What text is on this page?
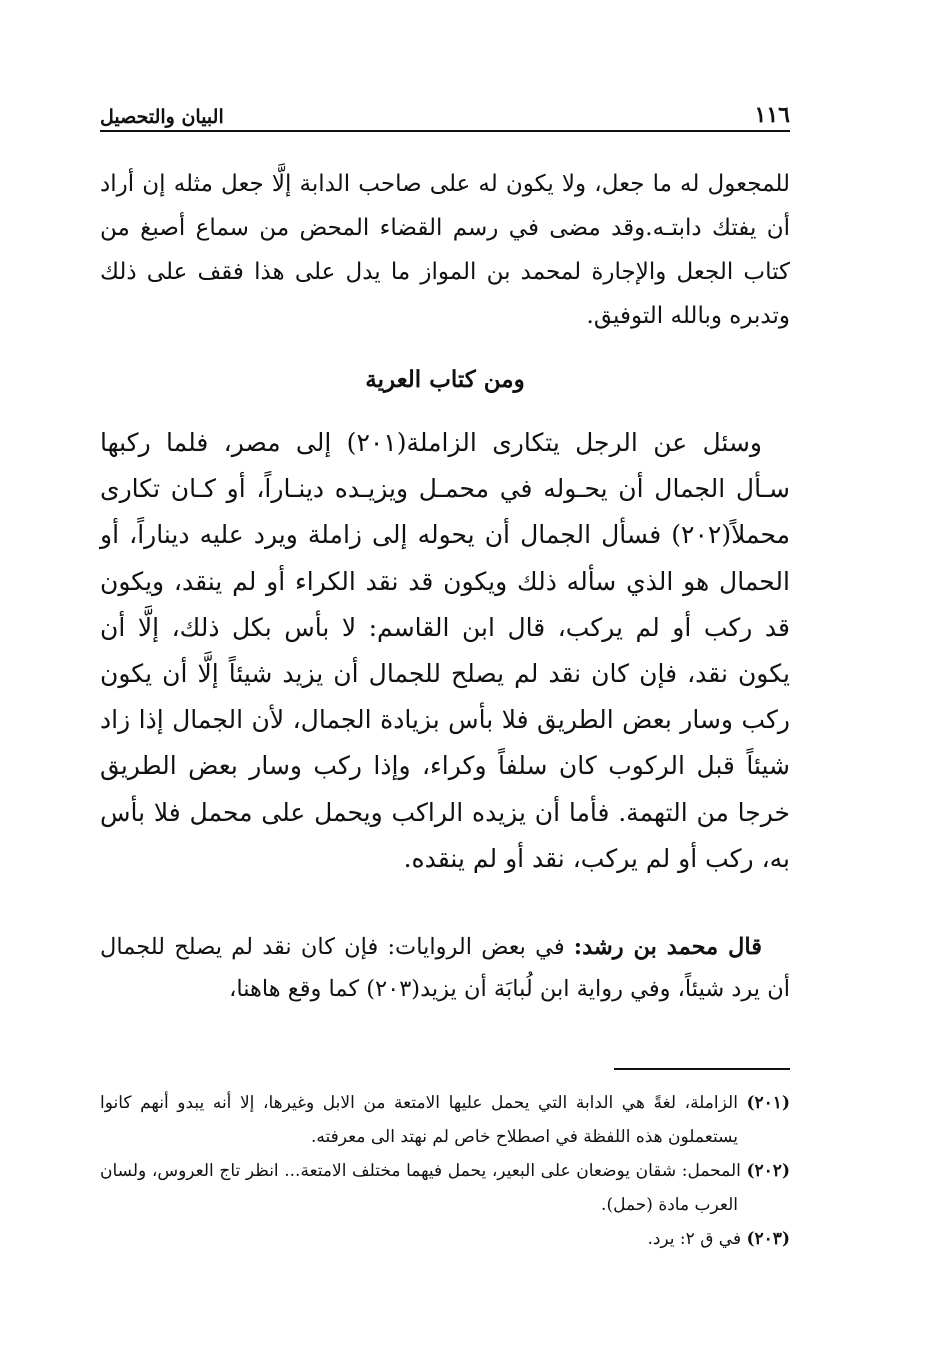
١١٦
البيان والتحصيل

للمجعول له ما جعل، ولا يكون له على صاحب الدابة إلَّا جعل مثله إن أراد أن يفتك دابتـه.وقد مضى في رسم القضاء المحض من سماع أصبغ من كتاب الجعل والإجارة لمحمد بن المواز ما يدل على هذا فقف على ذلك وتدبره وبالله التوفيق.

ومن كتاب العرية

وسئل عن الرجل يتكارى الزاملة(٢٠١) إلى مصر، فلما ركبها سـأل الجمال أن يحـوله في محمـل ويزيـده دينـاراً، أو كـان تكارى محملاً(٢٠٢) فسأل الجمال أن يحوله إلى زاملة ويرد عليه ديناراً، أو الحمال هو الذي سأله ذلك ويكون قد نقد الكراء أو لم ينقد، ويكون قد ركب أو لم يركب، قال ابن القاسم: لا بأس بكل ذلك، إلَّا أن يكون نقد، فإن كان نقد لم يصلح للجمال أن يزيد شيئاً إلَّا أن يكون ركب وسار بعض الطريق فلا بأس بزيادة الجمال، لأن الجمال إذا زاد شيئاً قبل الركوب كان سلفاً وكراء، وإذا ركب وسار بعض الطريق خرجا من التهمة. فأما أن يزيده الراكب ويحمل على محمل فلا بأس به، ركب أو لم يركب، نقد أو لم ينقده.

قال محمد بن رشد: في بعض الروايات: فإن كان نقد لم يصلح للجمال أن يرد شيئاً، وفي رواية ابن لُبابَة أن يزيد(٢٠٣) كما وقع هاهنا،

(٢٠١) الزاملة، لغةً هي الدابة التي يحمل عليها الامتعة من الابل وغيرها، إلا أنه يبدو أنهم كانوا يستعملون هذه اللفظة في اصطلاح خاص لم نهتد الى معرفته.

(٢٠٢) المحمل: شقان يوضعان على البعير، يحمل فيهما مختلف الامتعة... انظر تاج العروس، ولسان العرب مادة (حمل).

(٢٠٣) في ق ٢: يرد.
